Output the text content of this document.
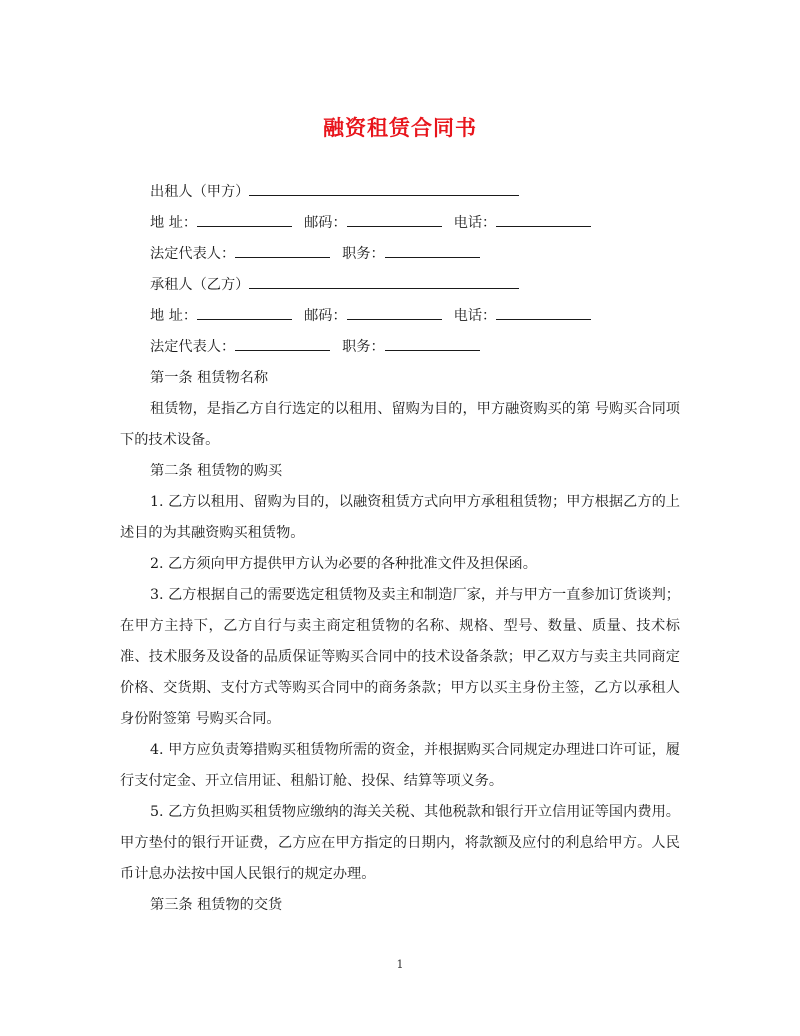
融资租赁合同书

出租人（甲方）

地 址：	邮码：	电话：

法定代表人：	职务：

承租人（乙方）

地 址：	邮码：	电话：

法定代表人：	职务：

第一条 租赁物名称

租赁物，是指乙方自行选定的以租用、留购为目的，甲方融资购买的第 号购买合同项下的技术设备。

第二条 租赁物的购买

1. 乙方以租用、留购为目的，以融资租赁方式向甲方承租租赁物；甲方根据乙方的上述目的为其融资购买租赁物。

2. 乙方须向甲方提供甲方认为必要的各种批准文件及担保函。

3. 乙方根据自己的需要选定租赁物及卖主和制造厂家，并与甲方一直参加订货谈判；在甲方主持下，乙方自行与卖主商定租赁物的名称、规格、型号、数量、质量、技术标准、技术服务及设备的品质保证等购买合同中的技术设备条款；甲乙双方与卖主共同商定价格、交货期、支付方式等购买合同中的商务条款；甲方以买主身份主签，乙方以承租人身份附签第 号购买合同。

4. 甲方应负责筹措购买租赁物所需的资金，并根据购买合同规定办理进口许可证，履行支付定金、开立信用证、租船订舱、投保、结算等项义务。

5. 乙方负担购买租赁物应缴纳的海关关税、其他税款和银行开立信用证等国内费用。甲方垫付的银行开证费，乙方应在甲方指定的日期内，将款额及应付的利息给甲方。人民币计息办法按中国人民银行的规定办理。

第三条 租赁物的交货

1
